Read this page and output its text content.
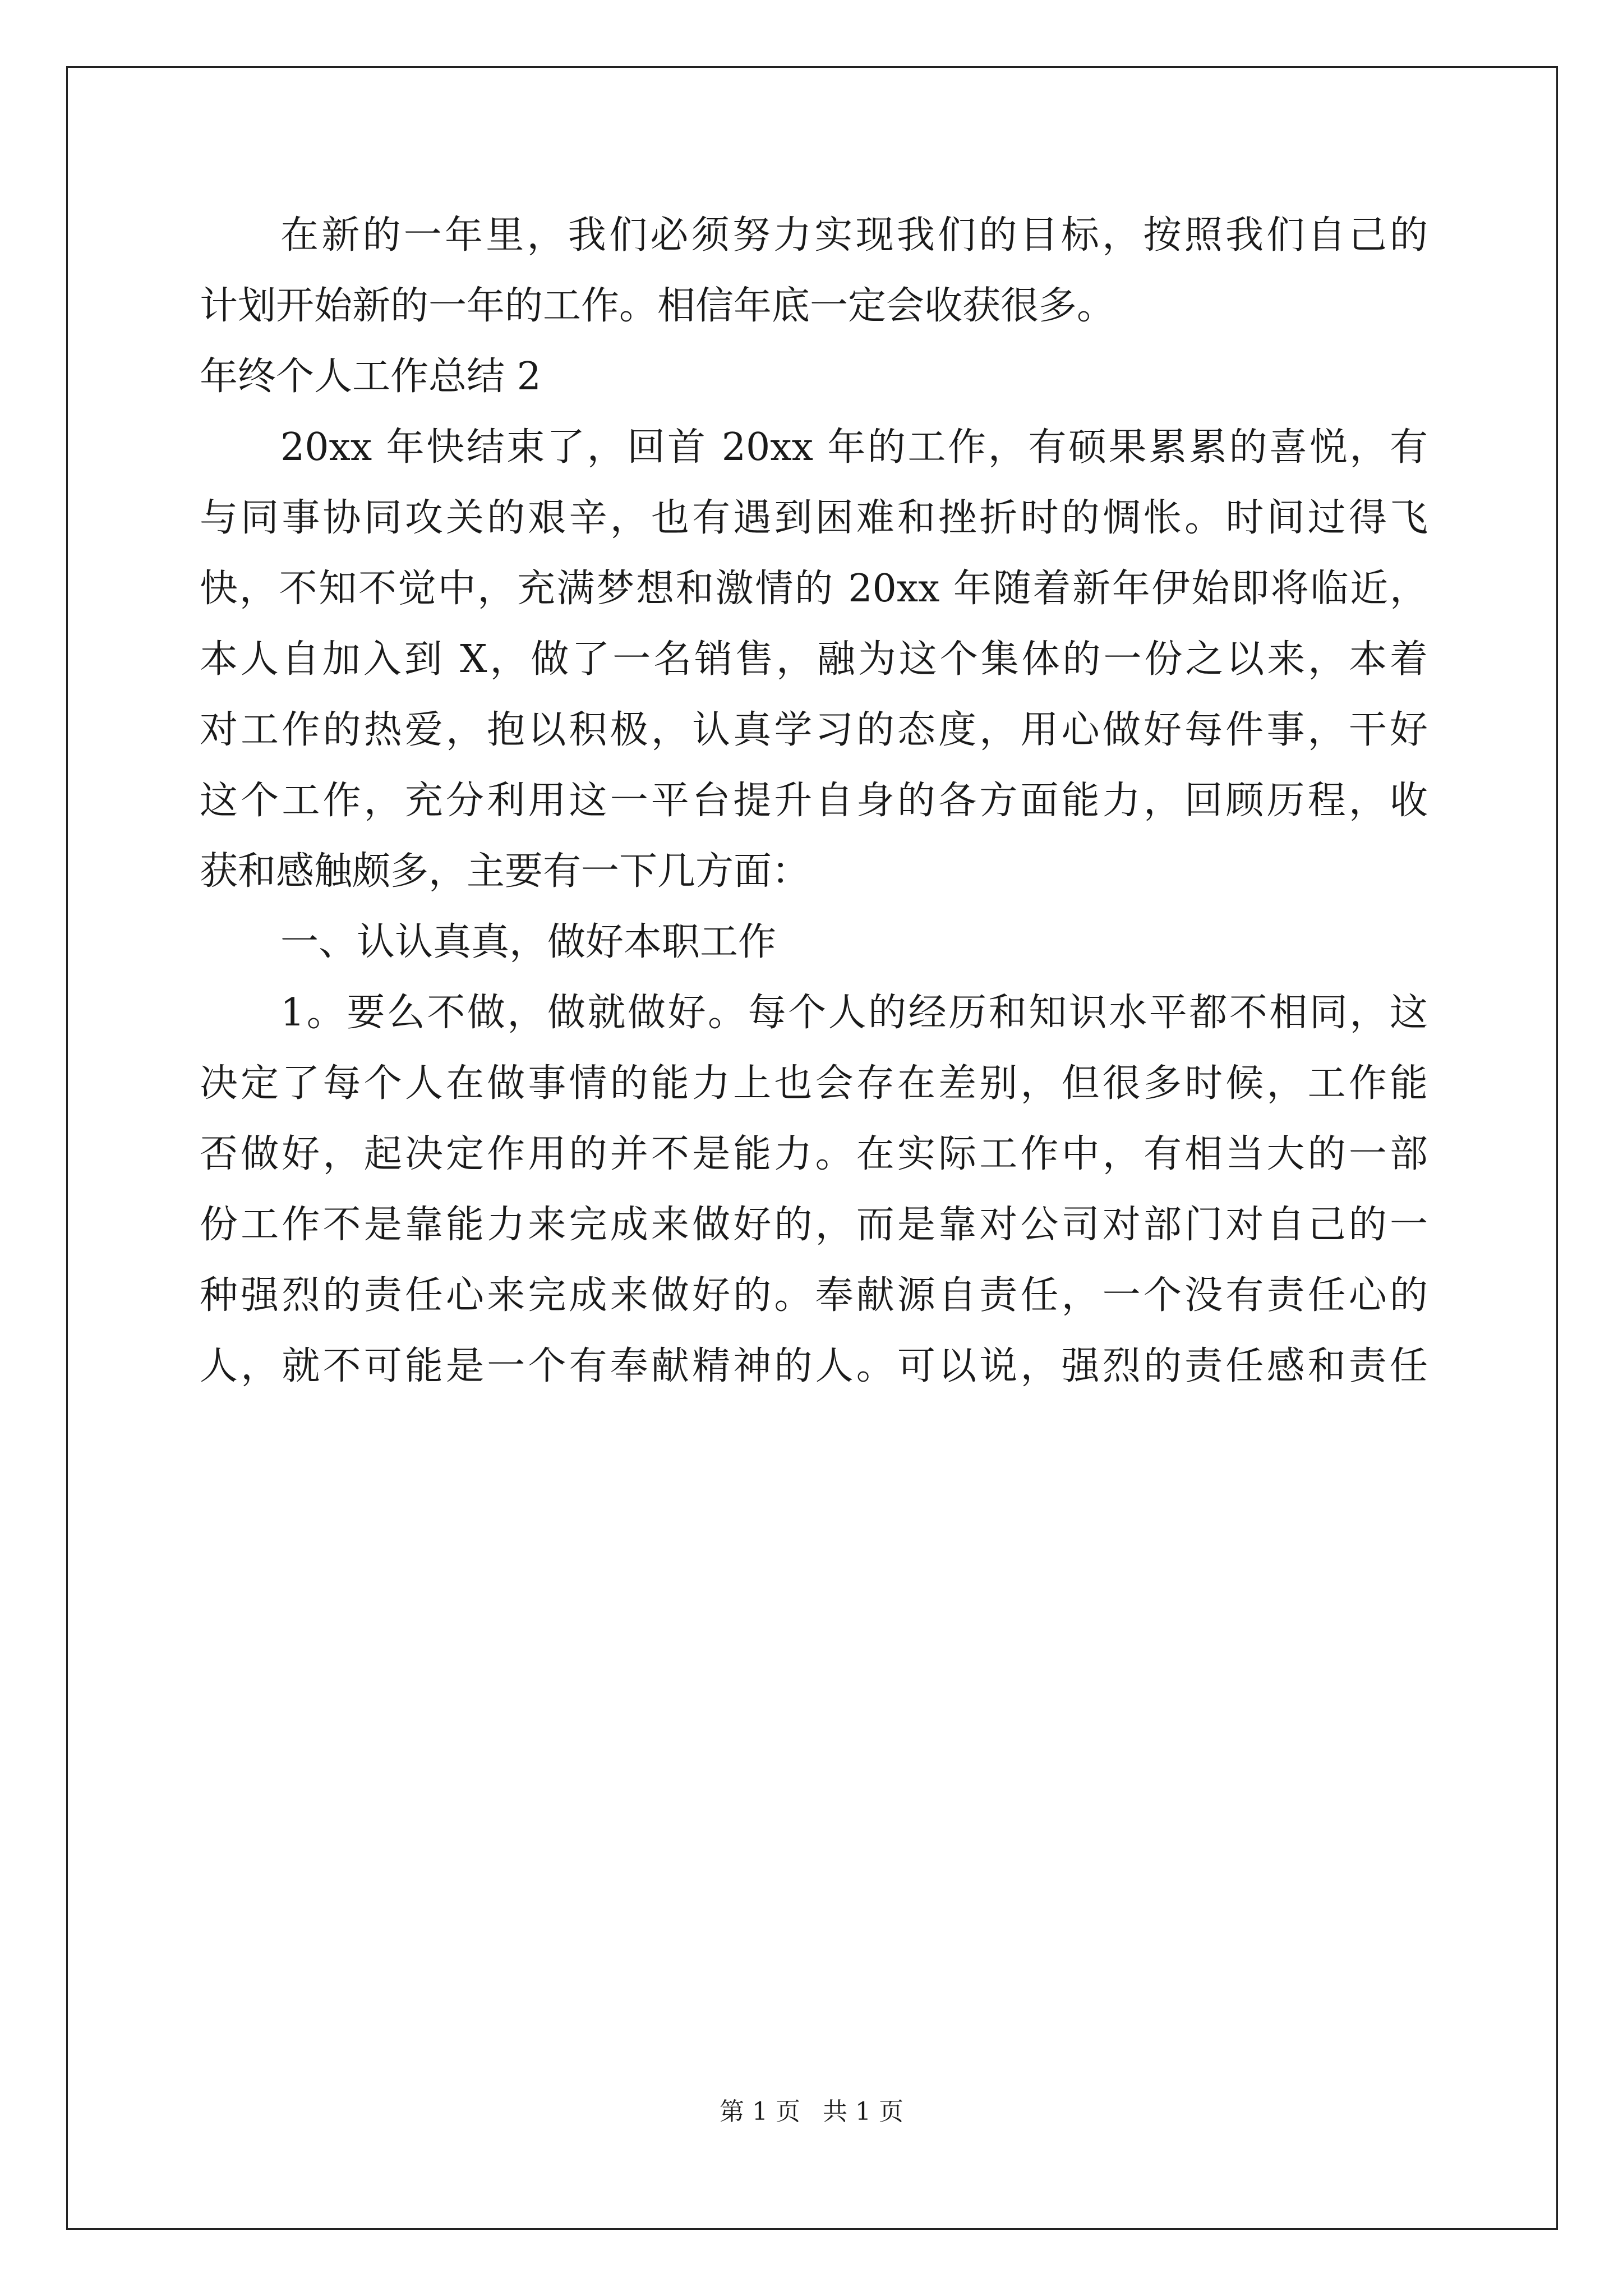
在新的一年里，我们必须努力实现我们的目标，按照我们自己的
计划开始新的一年的工作。相信年底一定会收获很多。
年终个人工作总结 2
20xx 年快结束了，回首 20xx 年的工作，有硕果累累的喜悦，有
与同事协同攻关的艰辛，也有遇到困难和挫折时的惆怅。时间过得飞
快，不知不觉中，充满梦想和激情的 20xx 年随着新年伊始即将临近，
本人自加入到 X，做了一名销售，融为这个集体的一份之以来，本着
对工作的热爱，抱以积极，认真学习的态度，用心做好每件事，干好
这个工作，充分利用这一平台提升自身的各方面能力，回顾历程，收
获和感触颇多，主要有一下几方面：
一、认认真真，做好本职工作
1。要么不做，做就做好。每个人的经历和知识水平都不相同，这
决定了每个人在做事情的能力上也会存在差别，但很多时候，工作能
否做好，起决定作用的并不是能力。在实际工作中，有相当大的一部
份工作不是靠能力来完成来做好的，而是靠对公司对部门对自己的一
种强烈的责任心来完成来做好的。奉献源自责任，一个没有责任心的
人，就不可能是一个有奉献精神的人。可以说，强烈的责任感和责任
第 1 页 共 1 页
